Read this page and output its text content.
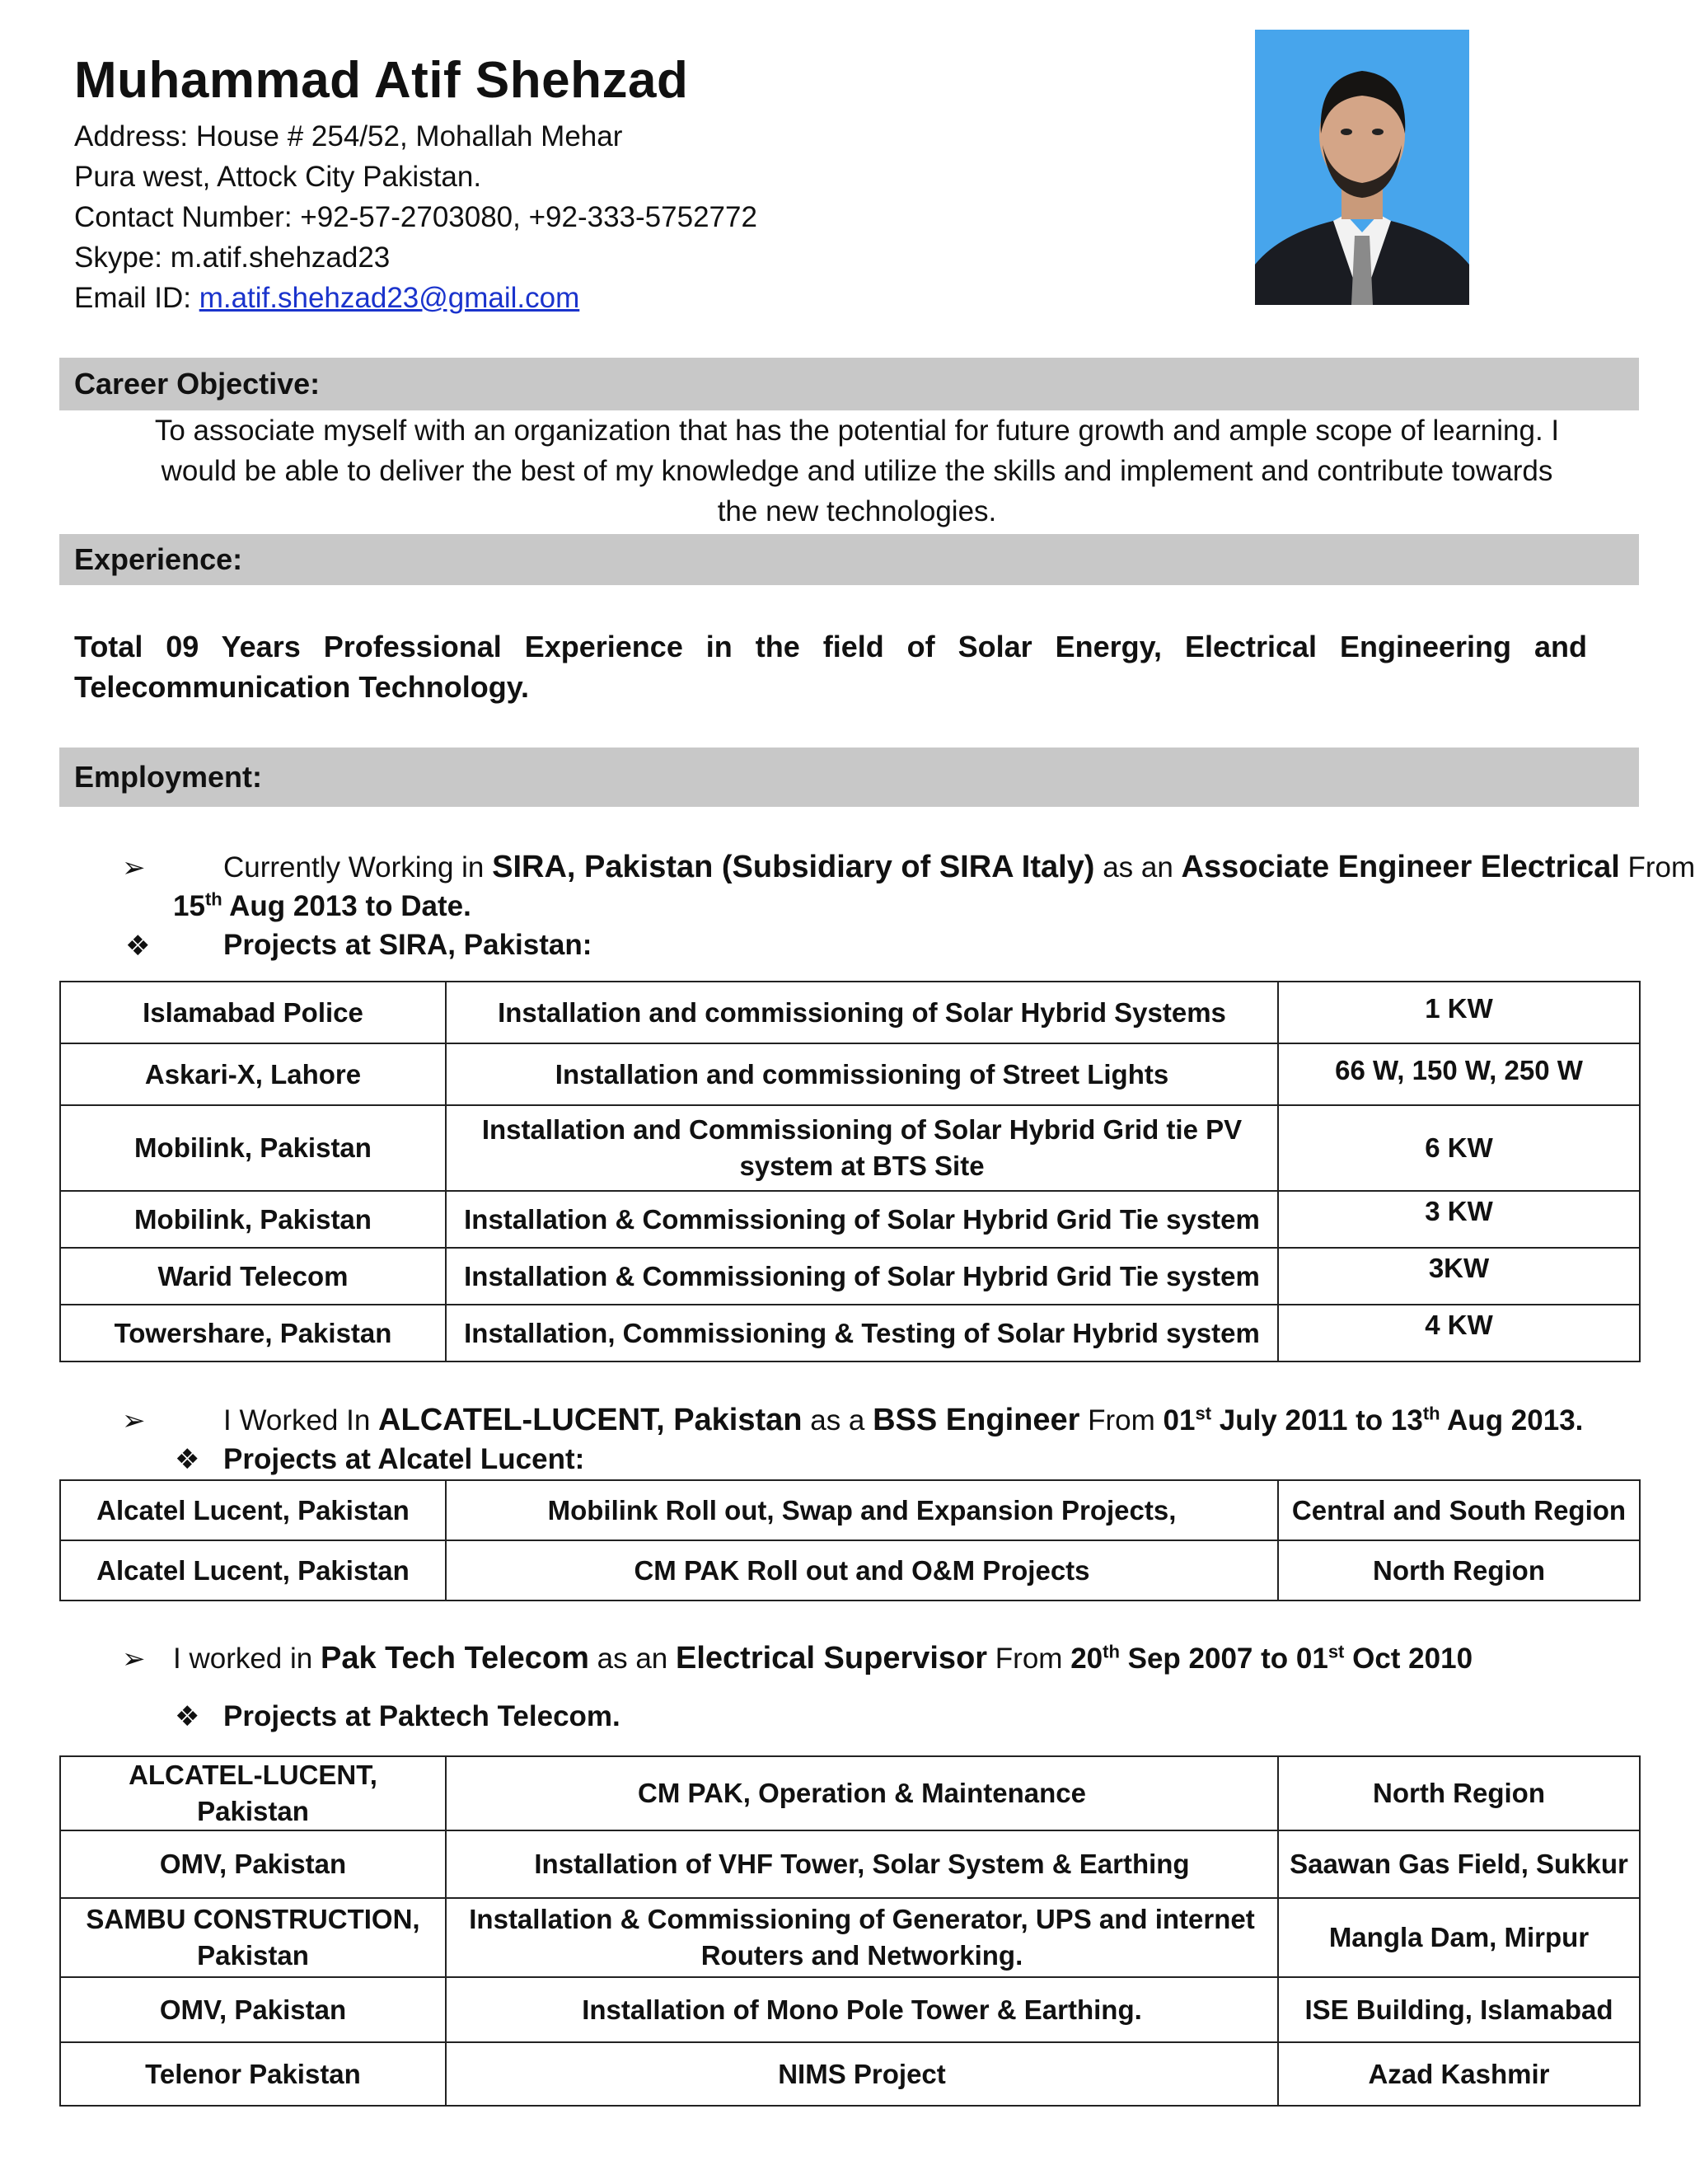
Muhammad Atif Shehzad
Address: House # 254/52, Mohallah Mehar
Pura west, Attock City Pakistan.
Contact Number: +92-57-2703080, +92-333-5752772
Skype: m.atif.shehzad23
Email ID: m.atif.shehzad23@gmail.com
Career Objective:
To associate myself with an organization that has the potential for future growth and ample scope of learning. I
would be able to deliver the best of my knowledge and utilize the skills and implement and contribute towards
the new technologies.
Experience:
Total 09 Years Professional Experience in the field of Solar Energy, Electrical Engineering and Telecommunication Technology.
Employment:
➢	Currently Working in SIRA, Pakistan (Subsidiary of SIRA Italy) as an Associate Engineer Electrical From
15th Aug 2013 to Date.
❖	Projects at SIRA, Pakistan:
Islamabad Police	Installation and commissioning of Solar Hybrid Systems	1 KW
Askari-X, Lahore	Installation and commissioning of Street Lights	66 W, 150 W, 250 W
Mobilink, Pakistan	Installation and Commissioning of Solar Hybrid Grid tie PV system at BTS Site	6 KW
Mobilink, Pakistan	Installation & Commissioning of Solar Hybrid Grid Tie system	3 KW
Warid Telecom	Installation & Commissioning of Solar Hybrid Grid Tie system	3KW
Towershare, Pakistan	Installation, Commissioning & Testing of Solar Hybrid system	4 KW
➢	I Worked In ALCATEL-LUCENT, Pakistan as a BSS Engineer From 01st July 2011 to 13th Aug 2013.
❖ Projects at Alcatel Lucent:
Alcatel Lucent, Pakistan	Mobilink Roll out, Swap and Expansion Projects,	Central and South Region
Alcatel Lucent, Pakistan	CM PAK Roll out and O&M Projects	North Region
➢ I worked in Pak Tech Telecom as an Electrical Supervisor From 20th Sep 2007 to 01st Oct 2010
❖ Projects at Paktech Telecom.
ALCATEL-LUCENT, Pakistan	CM PAK, Operation & Maintenance	North Region
OMV, Pakistan	Installation of VHF Tower, Solar System & Earthing	Saawan Gas Field, Sukkur
SAMBU CONSTRUCTION, Pakistan	Installation & Commissioning of Generator, UPS and internet Routers and Networking.	Mangla Dam, Mirpur
OMV, Pakistan	Installation of Mono Pole Tower & Earthing.	ISE Building, Islamabad
Telenor Pakistan	NIMS Project	Azad Kashmir
